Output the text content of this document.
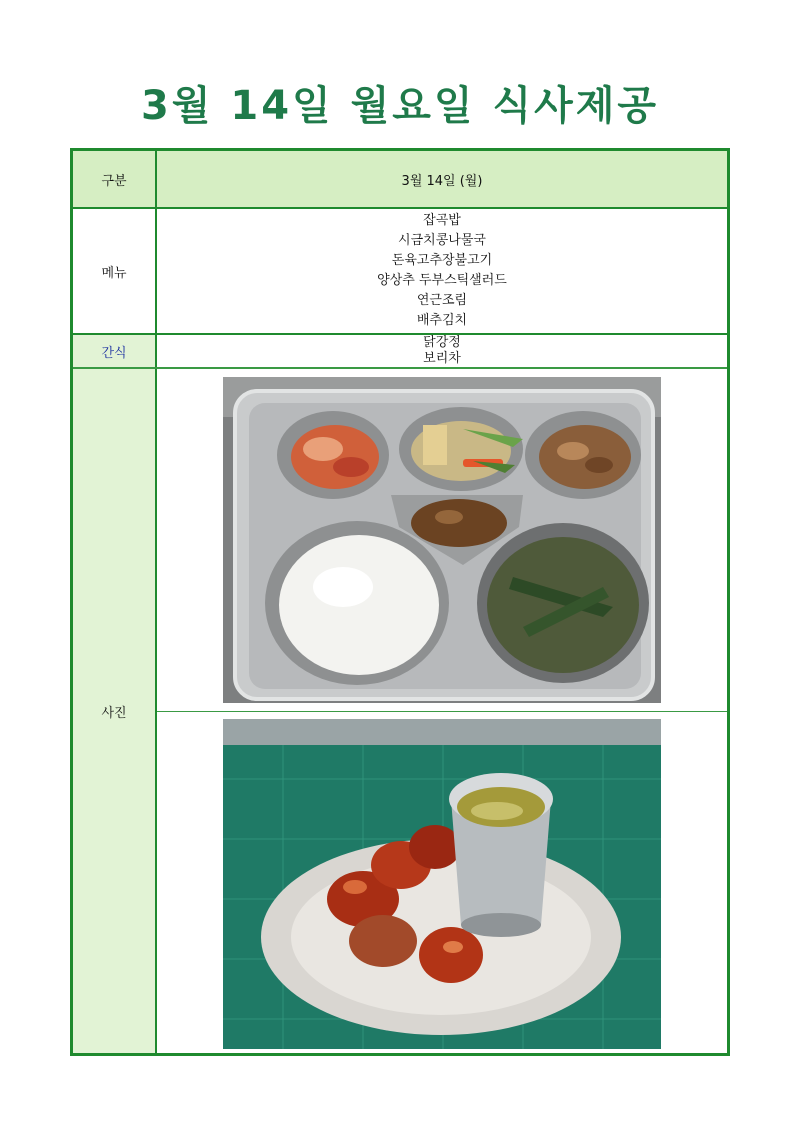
3월 14일 월요일 식사제공
구분	3월 14일 (월)
메뉴
간식
사진
잡곡밥
시금치콩나물국
돈육고추장불고기
양상추 두부스틱샐러드
연근조림
배추김치
닭강정
보리차
